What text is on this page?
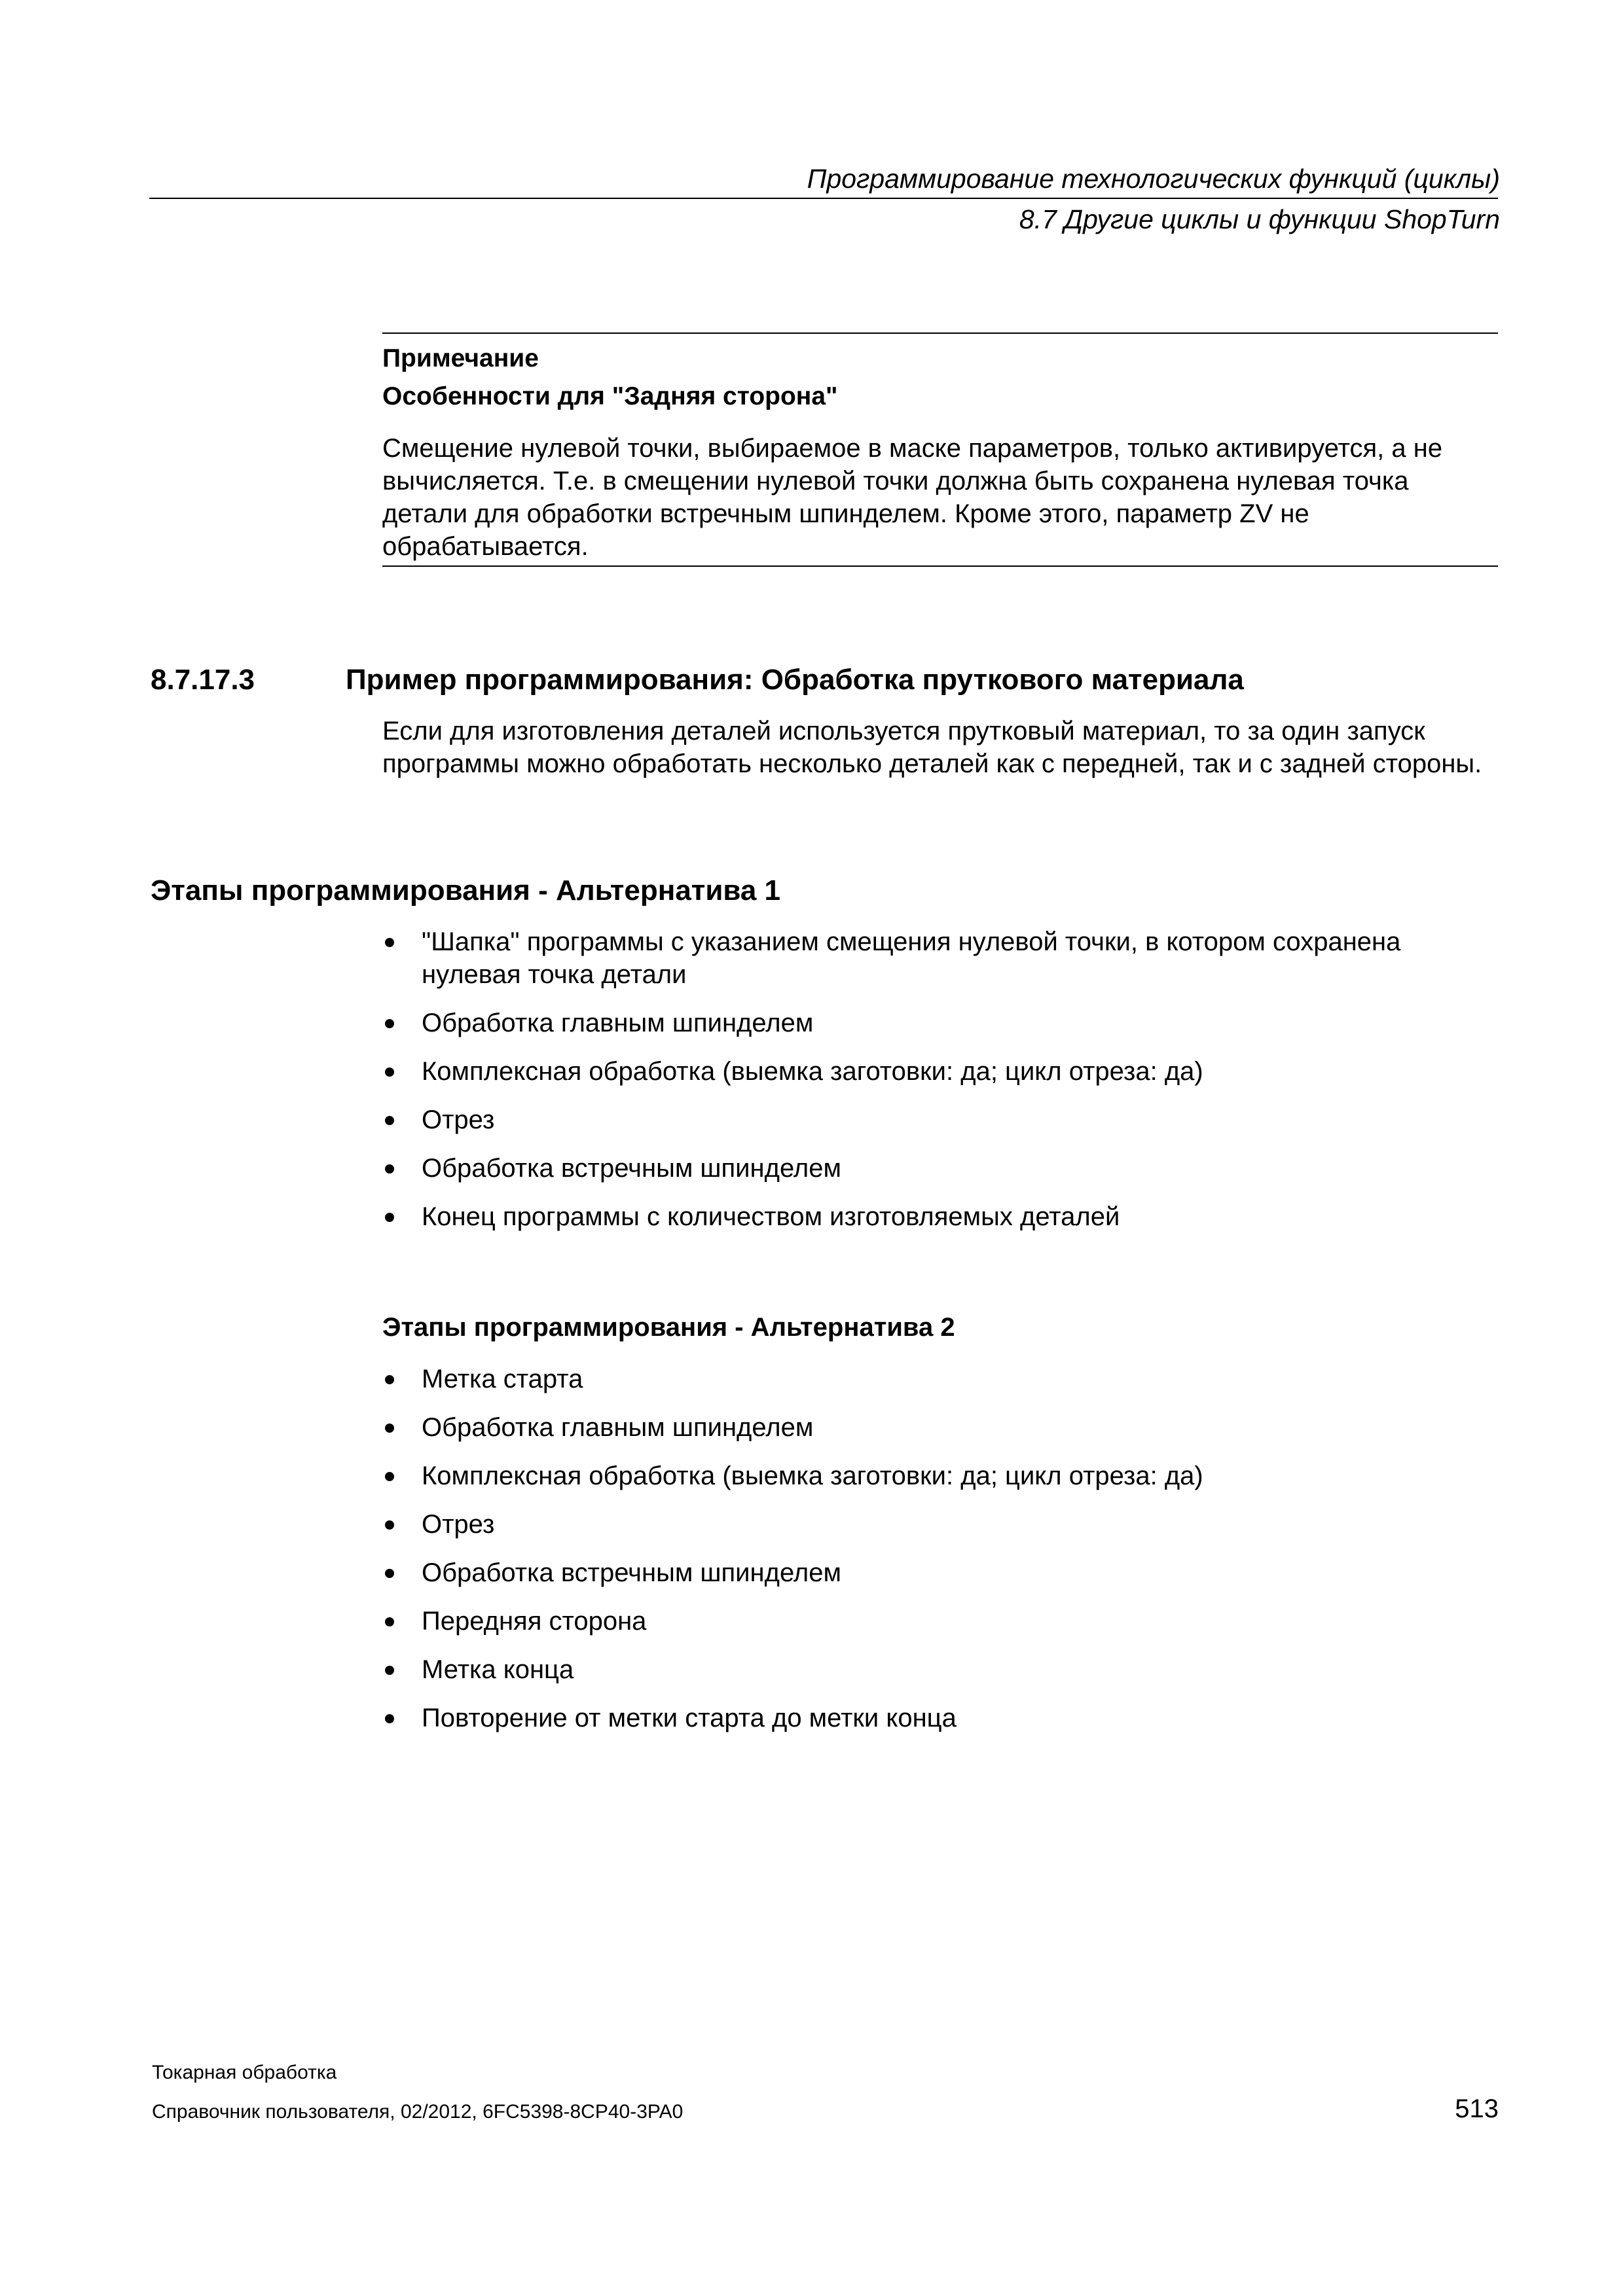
Программирование технологических функций (циклы)
8.7 Другие циклы и функции ShopTurn
Примечание
Особенности для "Задняя сторона"
Смещение нулевой точки, выбираемое в маске параметров, только активируется, а не вычисляется. Т.е. в смещении нулевой точки должна быть сохранена нулевая точка детали для обработки встречным шпинделем. Кроме этого, параметр ZV не обрабатывается.
8.7.17.3	Пример программирования: Обработка пруткового материала
Если для изготовления деталей используется прутковый материал, то за один запуск программы можно обработать несколько деталей как с передней, так и с задней стороны.
Этапы программирования - Альтернатива 1
"Шапка" программы с указанием смещения нулевой точки, в котором сохранена нулевая точка детали
Обработка главным шпинделем
Комплексная обработка (выемка заготовки: да; цикл отреза: да)
Отрез
Обработка встречным шпинделем
Конец программы с количеством изготовляемых деталей
Этапы программирования - Альтернатива 2
Метка старта
Обработка главным шпинделем
Комплексная обработка (выемка заготовки: да; цикл отреза: да)
Отрез
Обработка встречным шпинделем
Передняя сторона
Метка конца
Повторение от метки старта до метки конца
Токарная обработка
Справочник пользователя, 02/2012, 6FC5398-8CP40-3PA0	513
